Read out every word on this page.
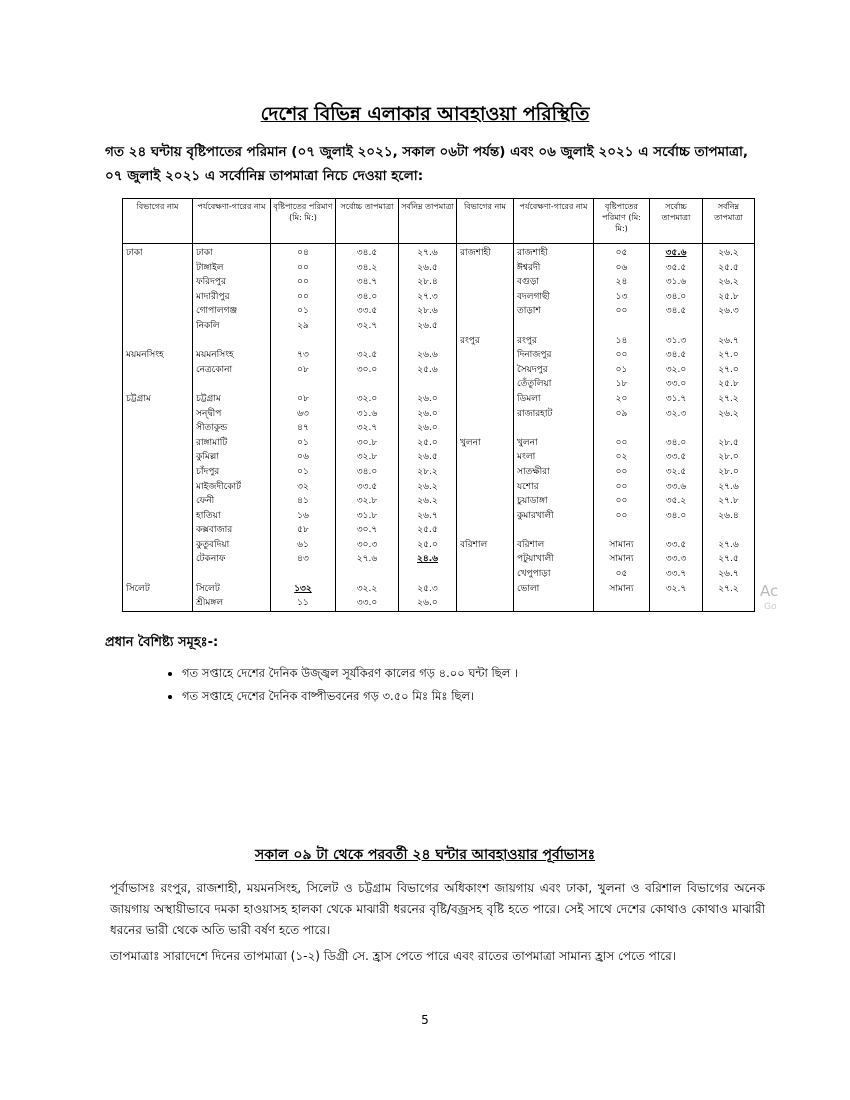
দেশের বিভিন্ন এলাকার আবহাওয়া পরিস্থিতি
গত ২৪ ঘন্টায় বৃষ্টিপাতের পরিমান (০৭ জুলাই ২০২১, সকাল ০৬টা পর্যন্ত) এবং ০৬ জুলাই ২০২১ এ সর্বোচ্চ তাপমাত্রা, ০৭ জুলাই ২০২১ এ সর্বোনিম্ন তাপমাত্রা নিচে দেওয়া হলো:
বিভাগের নাম	পর্যবেক্ষণা-গারের নাম	বৃষ্টিপাতের পরিমাণ (মি: মি:)	সর্বোচ্চ তাপমাত্রা	সর্বনিম্ন তাপমাত্রা	বিভাগের নাম	পর্যবেক্ষণা-গারের নাম	বৃষ্টিপাতের পরিমাণ (মি: মি:)	সর্বোচ্চ তাপমাত্রা	সর্বনিম্ন তাপমাত্রা
ঢাকা	ঢাকা	০৪	৩৪.৫	২৭.৬	রাজশাহী	রাজশাহী	০৫	৩৫.৬	২৬.২
	টাঙ্গাইল	০০	৩৪.২	২৬.৫		ঈশ্বরদী	০৬	৩৫.৫	২৫.৫
	ফরিদপুর	০০	৩৪.৭	২৮.৪		বগুড়া	২৪	৩১.৬	২৬.২
	মাদারীপুর	০০	৩৪.০	২৭.৩		বদলগাছী	১৩	৩৪.০	২৫.৮
	গোপালগঞ্জ	০১	৩৩.৫	২৮.৬		তাড়াশ	০০	৩৪.৫	২৬.৩
	নিকলি	২৯	৩২.৭	২৬.৫					
					রংপুর	রংপুর	১৪	৩১.৩	২৬.৭
ময়মনসিংহ	ময়মনসিংহ	৭৩	৩২.৫	২৬.৬		দিনাজপুর	০০	৩৪.৫	২৭.০
	নেত্রকোনা	০৮	৩০.০	২৫.৬		সৈয়দপুর	০১	৩২.০	২৭.০
						তেঁতুলিয়া	১৮	৩৩.০	২৫.৮
চট্টগ্রাম	চট্টগ্রাম	০৮	৩২.০	২৬.০		ডিমলা	২০	৩১.৭	২৭.২
	সন্দ্বীপ	৬৩	৩১.৬	২৬.০		রাজারহাট	০৯	৩২.৩	২৬.২
	সীতাকুন্ড	৪৭	৩২.৭	২৬.০					
	রাঙ্গামাটি	০১	৩০.৮	২৫.০	খুলনা	খুলনা	০০	৩৪.০	২৮.৫
	কুমিল্লা	০৬	৩২.৮	২৬.৫		মংলা	০২	৩৩.৫	২৮.০
	চাঁদপুর	০১	৩৪.০	২৮.২		সাতক্ষীরা	০০	৩২.৫	২৮.০
	মাইজদীকোর্ট	৩২	৩৩.৫	২৬.২		যশোর	০০	৩৩.৬	২৭.৬
	ফেনী	৪১	৩২.৮	২৬.২		চুয়াডাঙ্গা	০০	৩৫.২	২৭.৮
	হাতিয়া	১৬	৩১.৮	২৬.৭		কুমারখালী	০০	৩৪.০	২৬.৪
	কক্সবাজার	৫৮	৩০.৭	২৫.৫					
	কুতুবদিয়া	৬১	৩০.৩	২৫.০	বরিশাল	বরিশাল	সামান্য	৩৩.৫	২৭.৬
	টেকনাফ	৪৩	২৭.৬	২৪.৬		পটুয়াখালী	সামান্য	৩৩.৩	২৭.৫
						খেপুপাড়া	০৫	৩৩.৭	২৬.৭
সিলেট	সিলেট	১৩২	৩২.২	২৫.৩		ভোলা	সামান্য	৩২.৭	২৭.২
	শ্রীমঙ্গল	১১	৩৩.০	২৬.০					
Ac
Go
প্রধান বৈশিষ্ট্য সমূহঃ-:
• গত সপ্তাহে দেশের দৈনিক উজ্জ্বল সূর্যকিরণ কালের গড় ৪.০০ ঘন্টা ছিল ।
• গত সপ্তাহে দেশের দৈনিক বাষ্পীভবনের গড় ৩.৫০ মিঃ মিঃ ছিল।
সকাল ০৯ টা থেকে পরবর্তী ২৪ ঘন্টার আবহাওয়ার পূর্বাভাসঃ

পূর্বাভাসঃ রংপুর, রাজশাহী, ময়মনসিংহ, সিলেট ও চট্টগ্রাম বিভাগের অধিকাংশ জায়গায় এবং ঢাকা, খুলনা ও বরিশাল বিভাগের অনেক জায়গায় অস্থায়ীভাবে দমকা হাওয়াসহ হালকা থেকে মাঝারী ধরনের বৃষ্টি/বজ্রসহ বৃষ্টি হতে পারে। সেই সাথে দেশের কোথাও কোথাও মাঝারী ধরনের ভারী থেকে অতি ভারী বর্ষণ হতে পারে।

তাপমাত্রাঃ সারাদেশে দিনের তাপমাত্রা (১-২) ডিগ্রী সে. হ্রাস পেতে পারে এবং রাতের তাপমাত্রা সামান্য হ্রাস পেতে পারে।

5
